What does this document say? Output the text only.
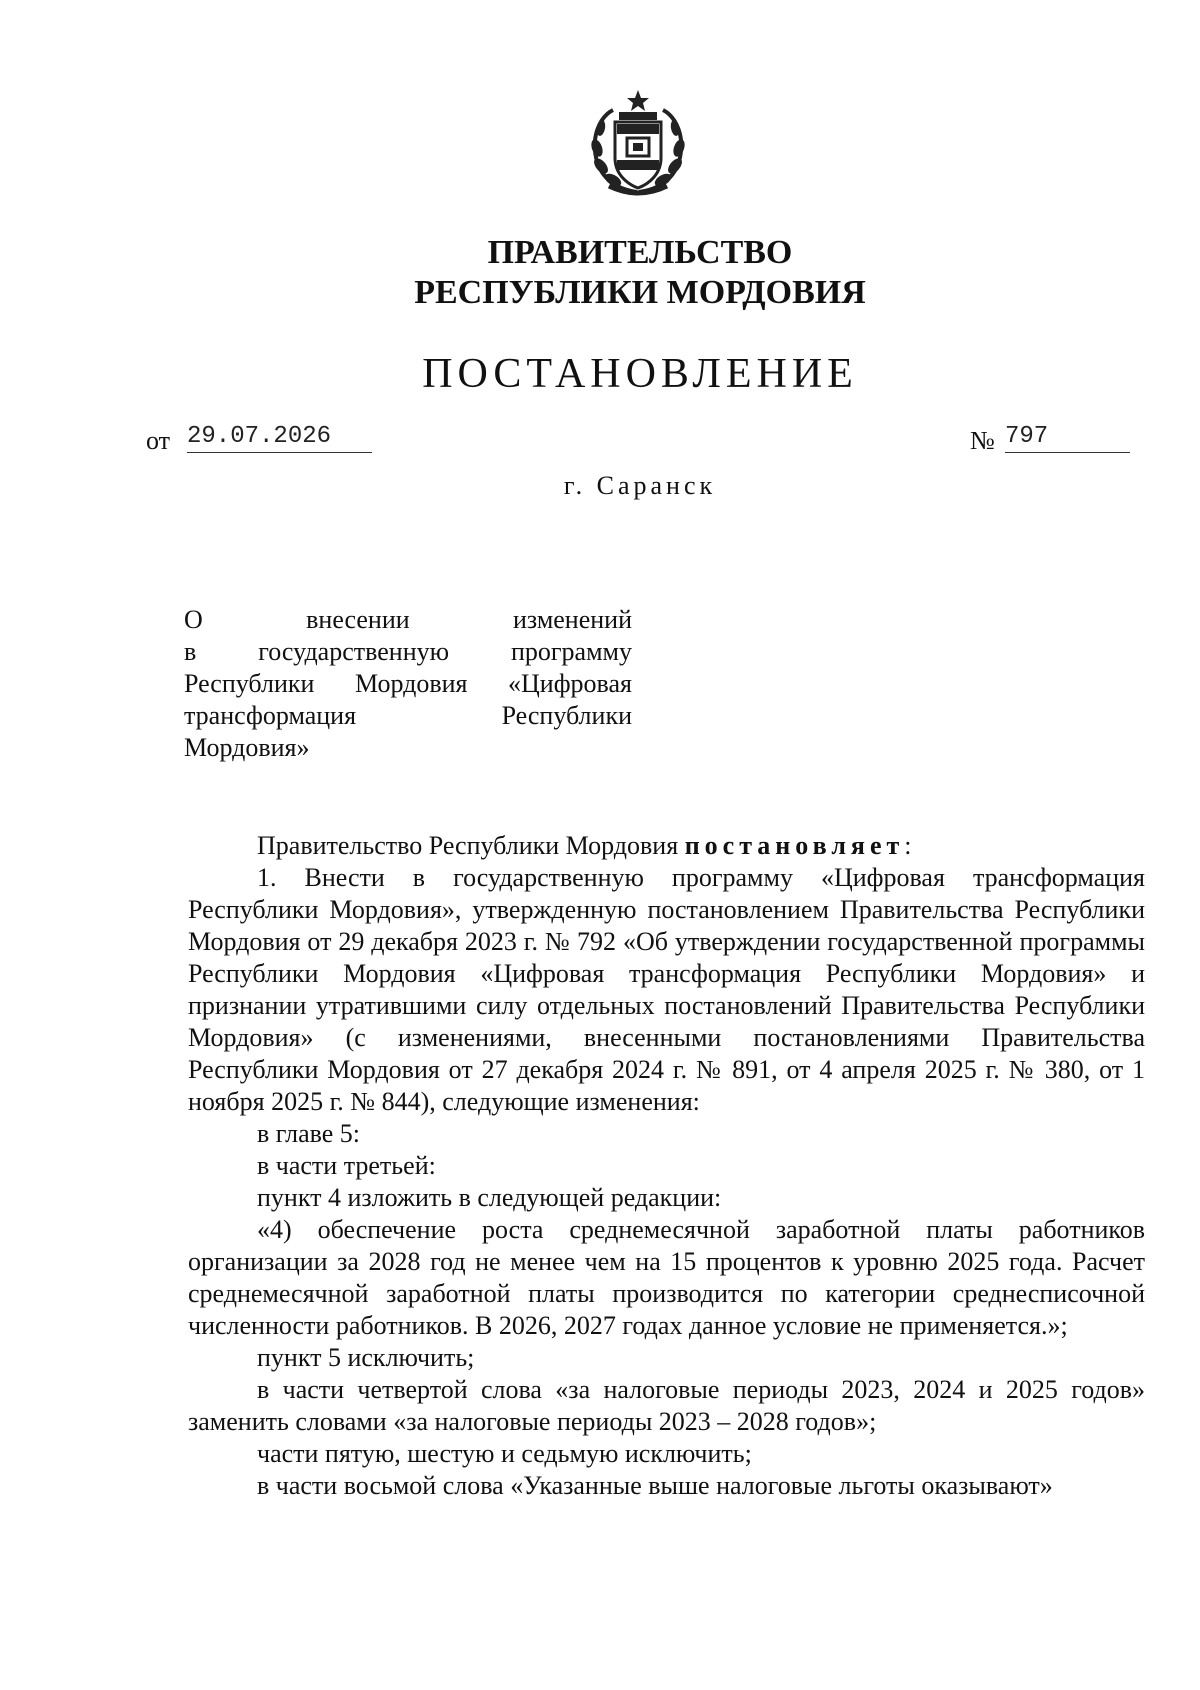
ПРАВИТЕЛЬСТВО
РЕСПУБЛИКИ МОРДОВИЯ
ПОСТАНОВЛЕНИЕ
от 29.07.2026	№ 797
г. Саранск
О	внесении	изменений
в государственную программу
Республики Мордовия «Цифровая
трансформация	Республики
Мордовия»

Правительство Республики Мордовия постановляет:

1. Внести в государственную программу «Цифровая трансформация Республики Мордовия», утвержденную постановлением Правительства Республики Мордовия от 29 декабря 2023 г. № 792 «Об утверждении государственной программы Республики Мордовия «Цифровая трансформация Республики Мордовия» и признании утратившими силу отдельных постановлений Правительства Республики Мордовия» (с изменениями, внесенными постановлениями Правительства Республики Мордовия от 27 декабря 2024 г. № 891, от 4 апреля 2025 г. № 380, от 1 ноября 2025 г. № 844), следующие изменения:

в главе 5:

в части третьей:

пункт 4 изложить в следующей редакции:

«4) обеспечение роста среднемесячной заработной платы работников организации за 2028 год не менее чем на 15 процентов к уровню 2025 года. Расчет среднемесячной заработной платы производится по категории среднесписочной численности работников. В 2026, 2027 годах данное условие не применяется.»;

пункт 5 исключить;

в части четвертой слова «за налоговые периоды 2023, 2024 и 2025 годов» заменить словами «за налоговые периоды 2023 – 2028 годов»;

части пятую, шестую и седьмую исключить;

в части восьмой слова «Указанные выше налоговые льготы оказывают»
